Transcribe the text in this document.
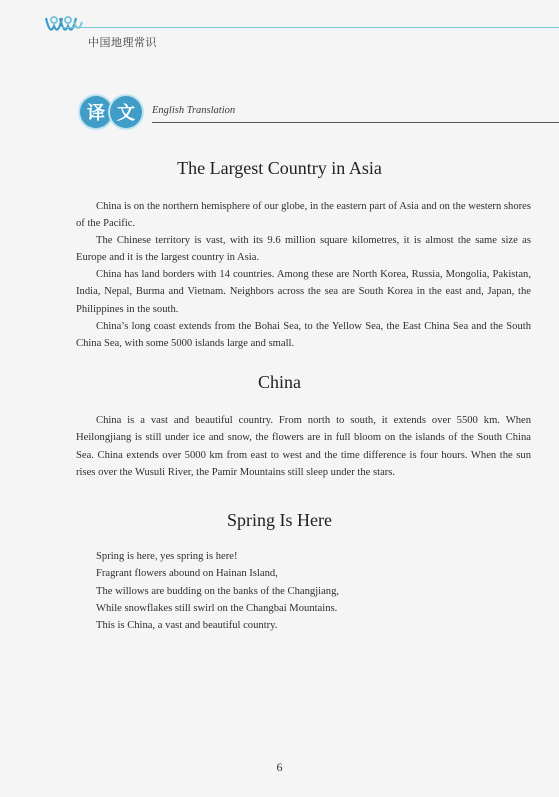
中国地理常识
译 文	English Translation
The Largest Country in Asia

China is on the northern hemisphere of our globe, in the eastern part of Asia and on the western shores of the Pacific.

The Chinese territory is vast, with its 9.6 million square kilometres, it is almost the same size as Europe and it is the largest country in Asia.

China has land borders with 14 countries. Among these are North Korea, Russia, Mongolia, Pakistan, India, Nepal, Burma and Vietnam. Neighbors across the sea are South Korea in the east and, Japan, the Philippines in the south.

China’s long coast extends from the Bohai Sea, to the Yellow Sea, the East China Sea and the South China Sea, with some 5000 islands large and small.

China

China is a vast and beautiful country. From north to south, it extends over 5500 km. When Heilongjiang is still under ice and snow, the flowers are in full bloom on the islands of the South China Sea. China extends over 5000 km from east to west and the time difference is four hours. When the sun rises over the Wusuli River, the Pamir Mountains still sleep under the stars.

Spring Is Here
Spring is here, yes spring is here!
Fragrant flowers abound on Hainan Island,
The willows are budding on the banks of the Changjiang,
While snowflakes still swirl on the Changbai Mountains.
This is China, a vast and beautiful country.
6
